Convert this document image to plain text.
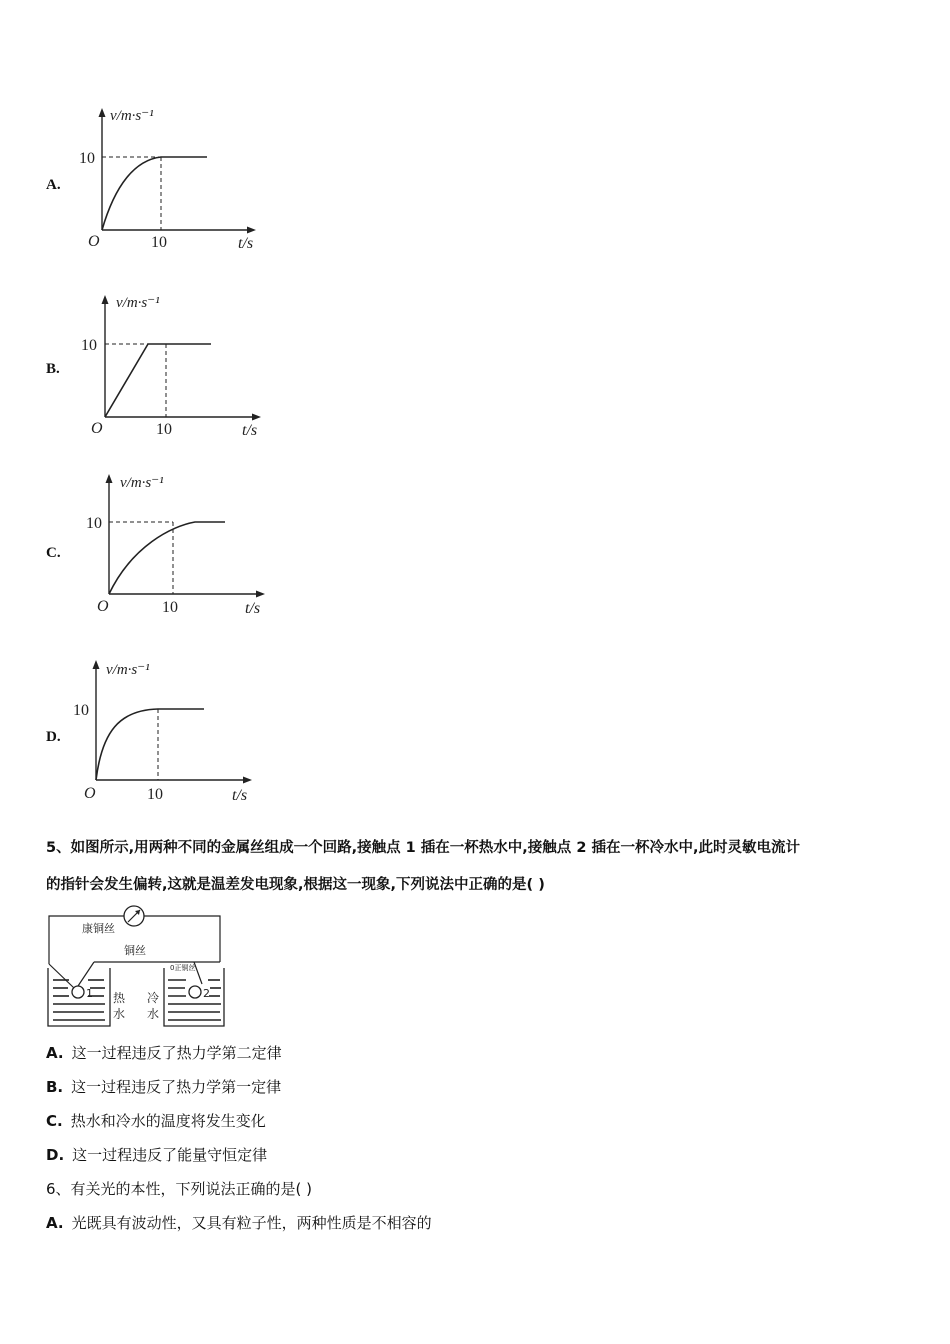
A.
v/m·s⁻¹
10
O	10	t/s
B.
v/m·s⁻¹
10
O	10	t/s
C.
v/m·s⁻¹
10
O	10	t/s
D.
v/m·s⁻¹
10
O	10	t/s
5、如图所示,用两种不同的金属丝组成一个回路,接触点 1 插在一杯热水中,接触点 2 插在一杯冷水中,此时灵敏电流计
的指针会发生偏转,这就是温差发电现象,根据这一现象,下列说法中正确的是( )
康铜丝
铜丝
0正铜丝
1 热
水
2
冷
水
A. 这一过程违反了热力学第二定律
B. 这一过程违反了热力学第一定律
C. 热水和冷水的温度将发生变化
D. 这一过程违反了能量守恒定律
6、有关光的本性，下列说法正确的是( )
A. 光既具有波动性，又具有粒子性，两种性质是不相容的
